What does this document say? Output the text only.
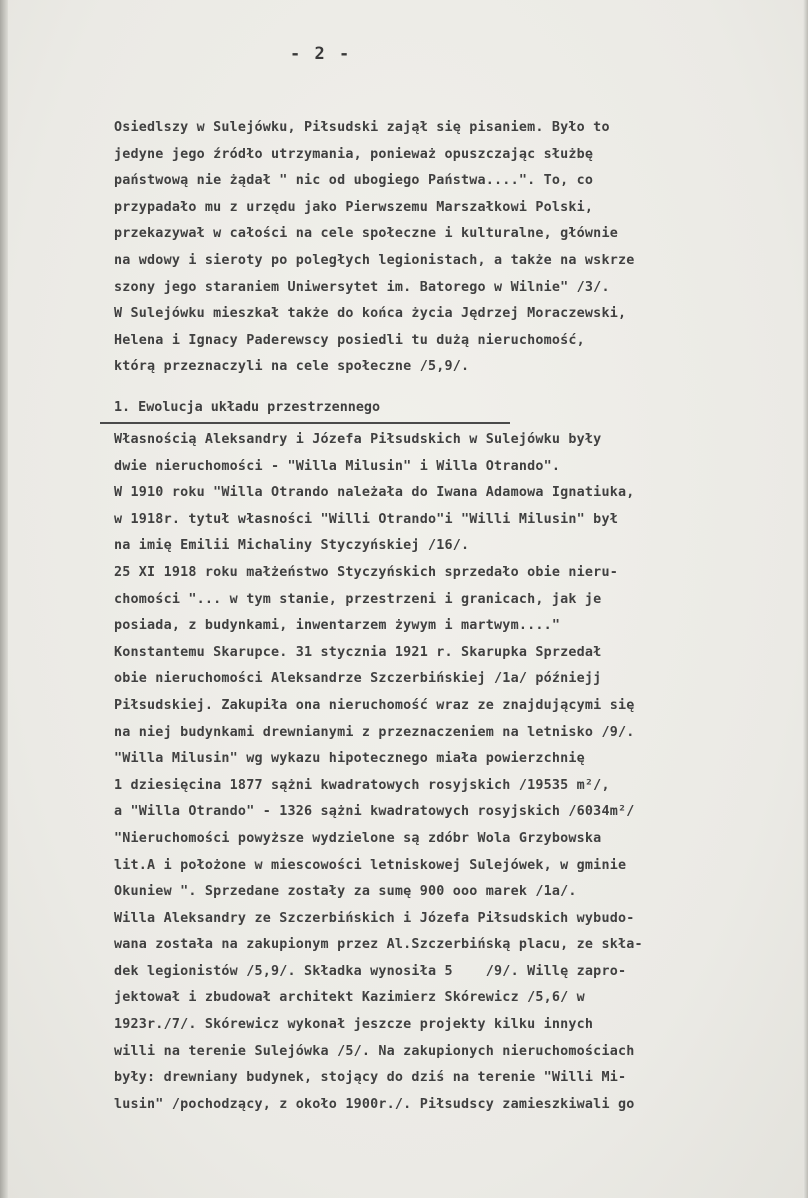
- 2 -
Osiedlszy w Sulejówku, Piłsudski zajął się pisaniem. Było to
jedyne jego źródło utrzymania, ponieważ opuszczając służbę
państwową nie żądał " nic od ubogiego Państwa....". To, co
przypadało mu z urzędu jako Pierwszemu Marszałkowi Polski,
przekazywał w całości na cele społeczne i kulturalne, głównie
na wdowy i sieroty po poległych legionistach, a także na wskrze
szony jego staraniem Uniwersytet im. Batorego w Wilnie" /3/.
W Sulejówku mieszkał także do końca życia Jędrzej Moraczewski,
Helena i Ignacy Paderewscy posiedli tu dużą nieruchomość,
którą przeznaczyli na cele społeczne /5,9/.
1. Ewolucja układu przestrzennego
Własnością Aleksandry i Józefa Piłsudskich w Sulejówku były
dwie nieruchomości - "Willa Milusin" i Willa Otrando".
W 1910 roku "Willa Otrando należała do Iwana Adamowa Ignatiuka,
w 1918r. tytuł własności "Willi Otrando"i "Willi Milusin" był
na imię Emilii Michaliny Styczyńskiej /16/.
25 XI 1918 roku małżeństwo Styczyńskich sprzedało obie nieru-
chomości "... w tym stanie, przestrzeni i granicach, jak je
posiada, z budynkami, inwentarzem żywym i martwym...."
Konstantemu Skarupce. 31 stycznia 1921 r. Skarupka Sprzedał
obie nieruchomości Aleksandrze Szczerbińskiej /1a/ późniejj
Piłsudskiej. Zakupiła ona nieruchomość wraz ze znajdującymi się
na niej budynkami drewnianymi z przeznaczeniem na letnisko /9/.
"Willa Milusin" wg wykazu hipotecznego miała powierzchnię
1 dziesięcina 1877 sążni kwadratowych rosyjskich /19535 m²/,
a "Willa Otrando" - 1326 sążni kwadratowych rosyjskich /6034m²/
"Nieruchomości powyższe wydzielone są zdóbr Wola Grzybowska
lit.A i położone w miescowości letniskowej Sulejówek, w gminie
Okuniew ". Sprzedane zostały za sumę 900 ooo marek /1a/.
Willa Aleksandry ze Szczerbińskich i Józefa Piłsudskich wybudo-
wana została na zakupionym przez Al.Szczerbińską placu, ze skła-
dek legionistów /5,9/. Składka wynosiła 5    /9/. Willę zapro-
jektował i zbudował architekt Kazimierz Skórewicz /5,6/ w
1923r./7/. Skórewicz wykonał jeszcze projekty kilku innych
willi na terenie Sulejówka /5/. Na zakupionych nieruchomościach
były: drewniany budynek, stojący do dziś na terenie "Willi Mi-
lusin" /pochodzący, z około 1900r./. Piłsudscy zamieszkiwali go
